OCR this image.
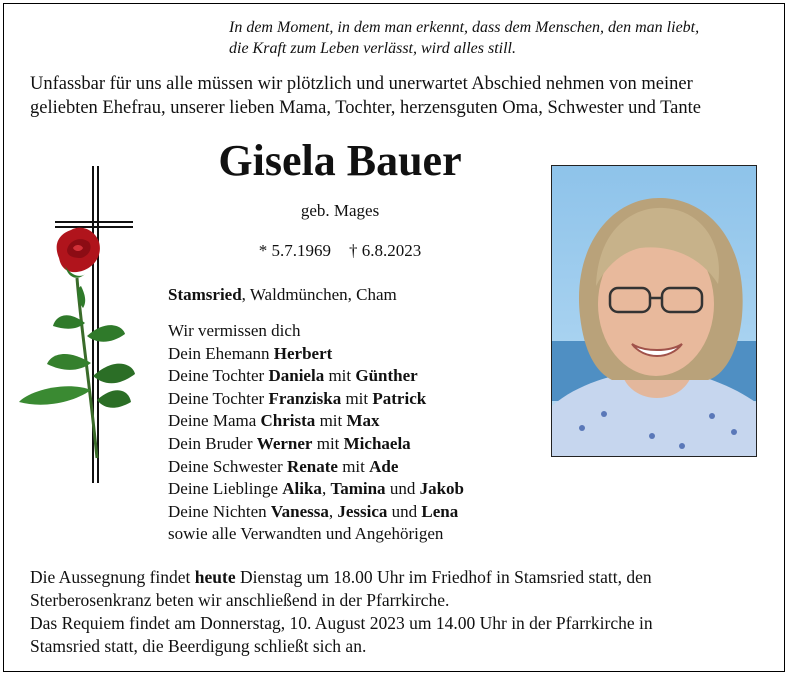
In dem Moment, in dem man erkennt, dass dem Menschen, den man liebt,
die Kraft zum Leben verlässt, wird alles still.
Unfassbar für uns alle müssen wir plötzlich und unerwartet Abschied nehmen von meiner
geliebten Ehefrau, unserer lieben Mama, Tochter, herzensguten Oma, Schwester und Tante
Gisela Bauer
geb. Mages
* 5.7.1969 † 6.8.2023
Stamsried, Waldmünchen, Cham
Wir vermissen dich
Dein Ehemann Herbert
Deine Tochter Daniela mit Günther
Deine Tochter Franziska mit Patrick
Deine Mama Christa mit Max
Dein Bruder Werner mit Michaela
Deine Schwester Renate mit Ade
Deine Lieblinge Alika, Tamina und Jakob
Deine Nichten Vanessa, Jessica und Lena
sowie alle Verwandten und Angehörigen
Die Aussegnung findet heute Dienstag um 18.00 Uhr im Friedhof in Stamsried statt, den
Sterberosenkranz beten wir anschließend in der Pfarrkirche.
Das Requiem findet am Donnerstag, 10. August 2023 um 14.00 Uhr in der Pfarrkirche in
Stamsried statt, die Beerdigung schließt sich an.
